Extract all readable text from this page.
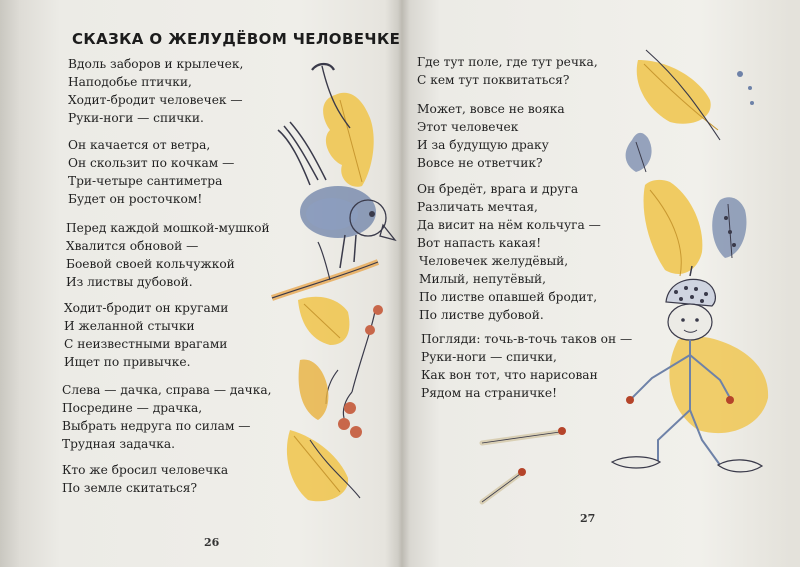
СКАЗКА О ЖЕЛУДЁВОМ ЧЕЛОВЕЧКЕ
Вдоль заборов и крылечек,
Наподобье птички,
Ходит-бродит человечек —
Руки-ноги — спички.
Он качается от ветра,
Он скользит по кочкам —
Три-четыре сантиметра
Будет он росточком!
Перед каждой мошкой-мушкой
Хвалится обновой —
Боевой своей кольчужкой
Из листвы дубовой.
Ходит-бродит он кругами
И желанной стычки
С неизвестными врагами
Ищет по привычке.
Слева — дачка, справа — дачка,
Посредине — драчка,
Выбрать недруга по силам —
Трудная задачка.
Кто же бросил человечка
По земле скитаться?
26
Где тут поле, где тут речка,
С кем тут поквитаться?
Может, вовсе не вояка
Этот человечек
И за будущую драку
Вовсе не ответчик?
Он бредёт, врага и друга
Различать мечтая,
Да висит на нём кольчуга —
Вот напасть какая!
Человечек желудёвый,
Милый, непутёвый,
По листве опавшей бродит,
По листве дубовой.
Погляди: точь-в-точь таков он —
Руки-ноги — спички,
Как вон тот, что нарисован
Рядом на страничке!
27
